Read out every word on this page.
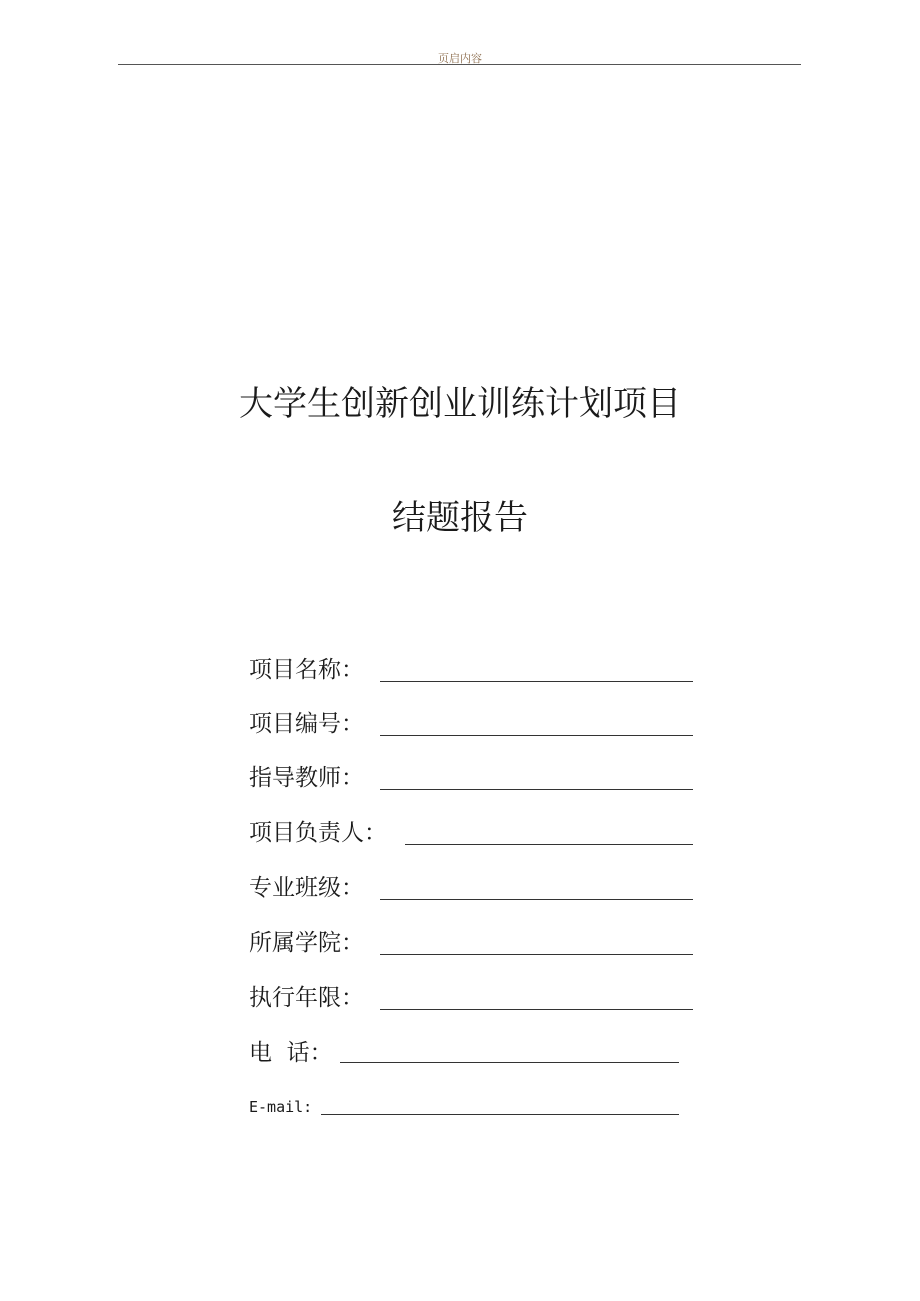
页启内容
大学生创新创业训练计划项目
结题报告
项目名称：
项目编号：
指导教师：
项目负责人：
专业班级：
所属学院：
执行年限：
电  话：
E-mail:
